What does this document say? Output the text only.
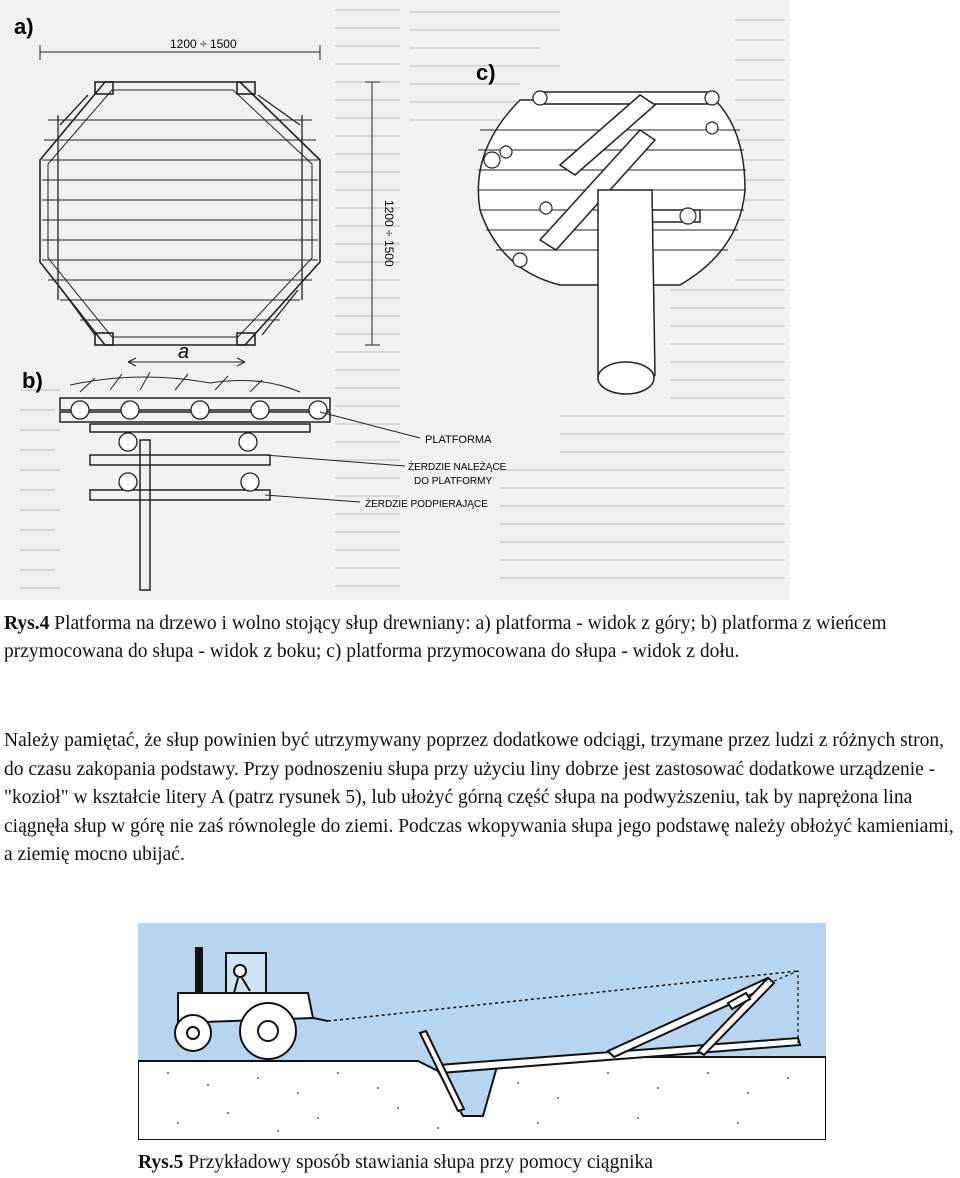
a)
1200 ÷ 1500
1200 ÷ 1500
a
b)
PLATFORMA
ŻERDZIE NALEŻĄCE
DO PLATFORMY
ŻERDZIE PODPIERAJĄCE
c)
Rys.4 Platforma na drzewo i wolno stojący słup drewniany: a) platforma - widok z góry; b) platforma z wieńcem przymocowana do słupa - widok z boku; c) platforma przymocowana do słupa - widok z dołu.
Należy pamiętać, że słup powinien być utrzymywany poprzez dodatkowe odciągi, trzymane przez ludzi z różnych stron, do czasu zakopania podstawy. Przy podnoszeniu słupa przy użyciu liny dobrze jest zastosować dodatkowe urządzenie - "kozioł" w kształcie litery A (patrz rysunek 5), lub ułożyć górną część słupa na podwyższeniu, tak by naprężona lina ciągnęła słup w górę nie zaś równolegle do ziemi. Podczas wkopywania słupa jego podstawę należy obłożyć kamieniami, a ziemię mocno ubijać.
Rys.5 Przykładowy sposób stawiania słupa przy pomocy ciągnika
